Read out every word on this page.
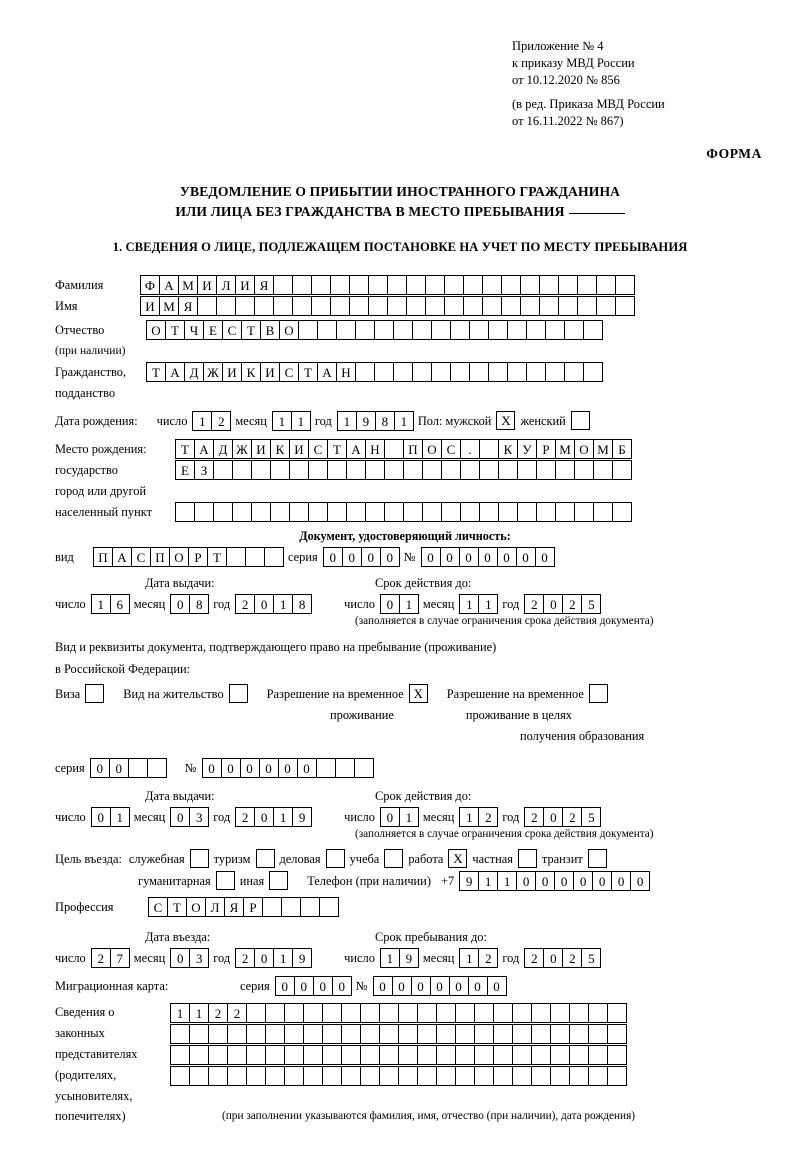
Приложение № 4
к приказу МВД России
от 10.12.2020 № 856
(в ред. Приказа МВД России
от 16.11.2022 № 867)
ФОРМА
УВЕДОМЛЕНИЕ О ПРИБЫТИИ ИНОСТРАННОГО ГРАЖДАНИНА
ИЛИ ЛИЦА БЕЗ ГРАЖДАНСТВА В МЕСТО ПРЕБЫВАНИЯ
1. СВЕДЕНИЯ О ЛИЦЕ, ПОДЛЕЖАЩЕМ ПОСТАНОВКЕ НА УЧЕТ ПО МЕСТУ ПРЕБЫВАНИЯ
Фамилия	Ф А М И Л И Я
Имя	И М Я
Отчество	О Т Ч Е С Т В О
(при наличии)
Гражданство,	Т А Д Ж И К И С Т А Н
подданство
Дата рождения:	число 1 2 месяц 1 1 год 1 9 8 1 Пол: мужской X женский
Место рождения:	Т А Д Ж И К И С Т А Н	П О С	.	К У Р М О М Б
государство	Е З
город или другой
населенный пункт
Документ, удостоверяющий личность:
вид	П А С П О Р Т	серия 0 0 0 0 № 0 0 0 0 0 0 0
Дата выдачи:	Срок действия до:
число 1 6 месяц 0 8 год 2 0 1 8	число 0 1 месяц 1 1 год 2 0 2 5
(заполняется в случае ограничения срока действия документа)
Вид и реквизиты документа, подтверждающего право на пребывание (проживание)
в Российской Федерации:
Виза	Вид на жительство	Разрешение на временное X	Разрешение на временное
проживание	проживание в целях
получения образования
серия 0 0	№ 0 0 0 0 0 0
Дата выдачи:	Срок действия до:
число 0 1 месяц 0 3 год 2 0 1 9	число 0 1 месяц 1 2 год 2 0 2 5
(заполняется в случае ограничения срока действия документа)
Цель въезда: служебная	туризм	деловая	учеба	работа X частная	транзит
гуманитарная	иная	Телефон (при наличии) +7 9 1 1 0 0 0 0 0 0 0
Профессия	С Т О Л Я Р
Дата въезда:	Срок пребывания до:
число 2 7 месяц 0 3 год 2 0 1 9	число 1 9 месяц 1 2 год 2 0 2 5
Миграционная карта:	серия 0 0 0 0 № 0 0 0 0 0 0 0
Сведения о	1 1 2 2
законных
представителях
(родителях,
усыновителях,
попечителях)	(при заполнении указываются фамилия, имя, отчество (при наличии), дата рождения)
